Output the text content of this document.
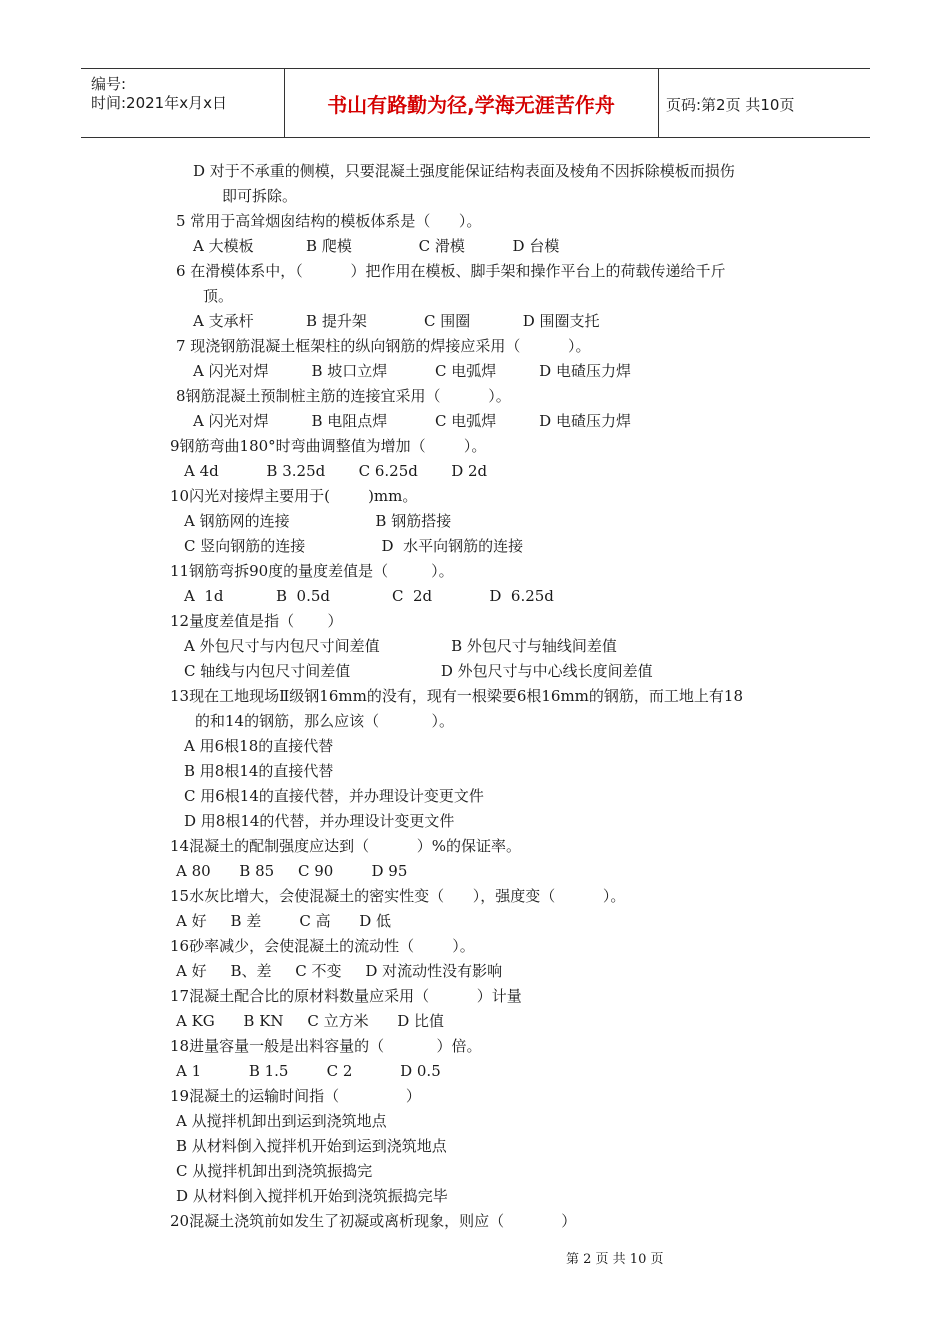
编号:
时间:2021年x月x日	书山有路勤为径,学海无涯苦作舟	页码:第2页 共10页
D 对于不承重的侧模，只要混凝土强度能保证结构表面及棱角不因拆除模板而损伤
即可拆除。
5 常用于高耸烟囱结构的模板体系是（      ）。
A 大模板           B 爬模              C 滑模          D 台模
6 在滑模体系中，（          ）把作用在模板、脚手架和操作平台上的荷载传递给千斤
顶。
A 支承杆           B 提升架            C 围圈           D 围圈支托
7 现浇钢筋混凝土框架柱的纵向钢筋的焊接应采用（          ）。
A 闪光对焊         B 坡口立焊          C 电弧焊         D 电碴压力焊
8钢筋混凝土预制桩主筋的连接宜采用（          ）。
A 闪光对焊         B 电阻点焊          C 电弧焊         D 电碴压力焊
9钢筋弯曲180°时弯曲调整值为增加（        ）。
A 4d          B 3.25d       C 6.25d       D 2d
10闪光对接焊主要用于(        )mm。
A 钢筋网的连接                  B 钢筋搭接
C 竖向钢筋的连接                D  水平向钢筋的连接
11钢筋弯拆90度的量度差值是（         ）。
A  1d           B  0.5d             C  2d            D  6.25d
12量度差值是指（       ）
A 外包尺寸与内包尺寸间差值               B 外包尺寸与轴线间差值
C 轴线与内包尺寸间差值                   D 外包尺寸与中心线长度间差值
13现在工地现场Ⅱ级钢16mm的没有，现有一根梁要6根16mm的钢筋，而工地上有18
的和14的钢筋，那么应该（           ）。
A 用6根18的直接代替
B 用8根14的直接代替
C 用6根14的直接代替，并办理设计变更文件
D 用8根14的代替，并办理设计变更文件
14混凝土的配制强度应达到（          ）%的保证率。
A 80      B 85     C 90        D 95
15水灰比增大，会使混凝土的密实性变（      ），强度变（          ）。
A 好     B 差        C 高      D 低
16砂率减少，会使混凝土的流动性（        ）。
A 好     B、差     C 不变     D 对流动性没有影响
17混凝土配合比的原材料数量应采用（          ）计量
A KG      B KN     C 立方米      D 比值
18进量容量一般是出料容量的（           ）倍。
A 1          B 1.5        C 2          D 0.5
19混凝土的运输时间指（              ）
A 从搅拌机卸出到运到浇筑地点
B 从材料倒入搅拌机开始到运到浇筑地点
C 从搅拌机卸出到浇筑振捣完
D 从材料倒入搅拌机开始到浇筑振捣完毕
20混凝土浇筑前如发生了初凝或离析现象，则应（            ）
第 2 页 共 10 页
